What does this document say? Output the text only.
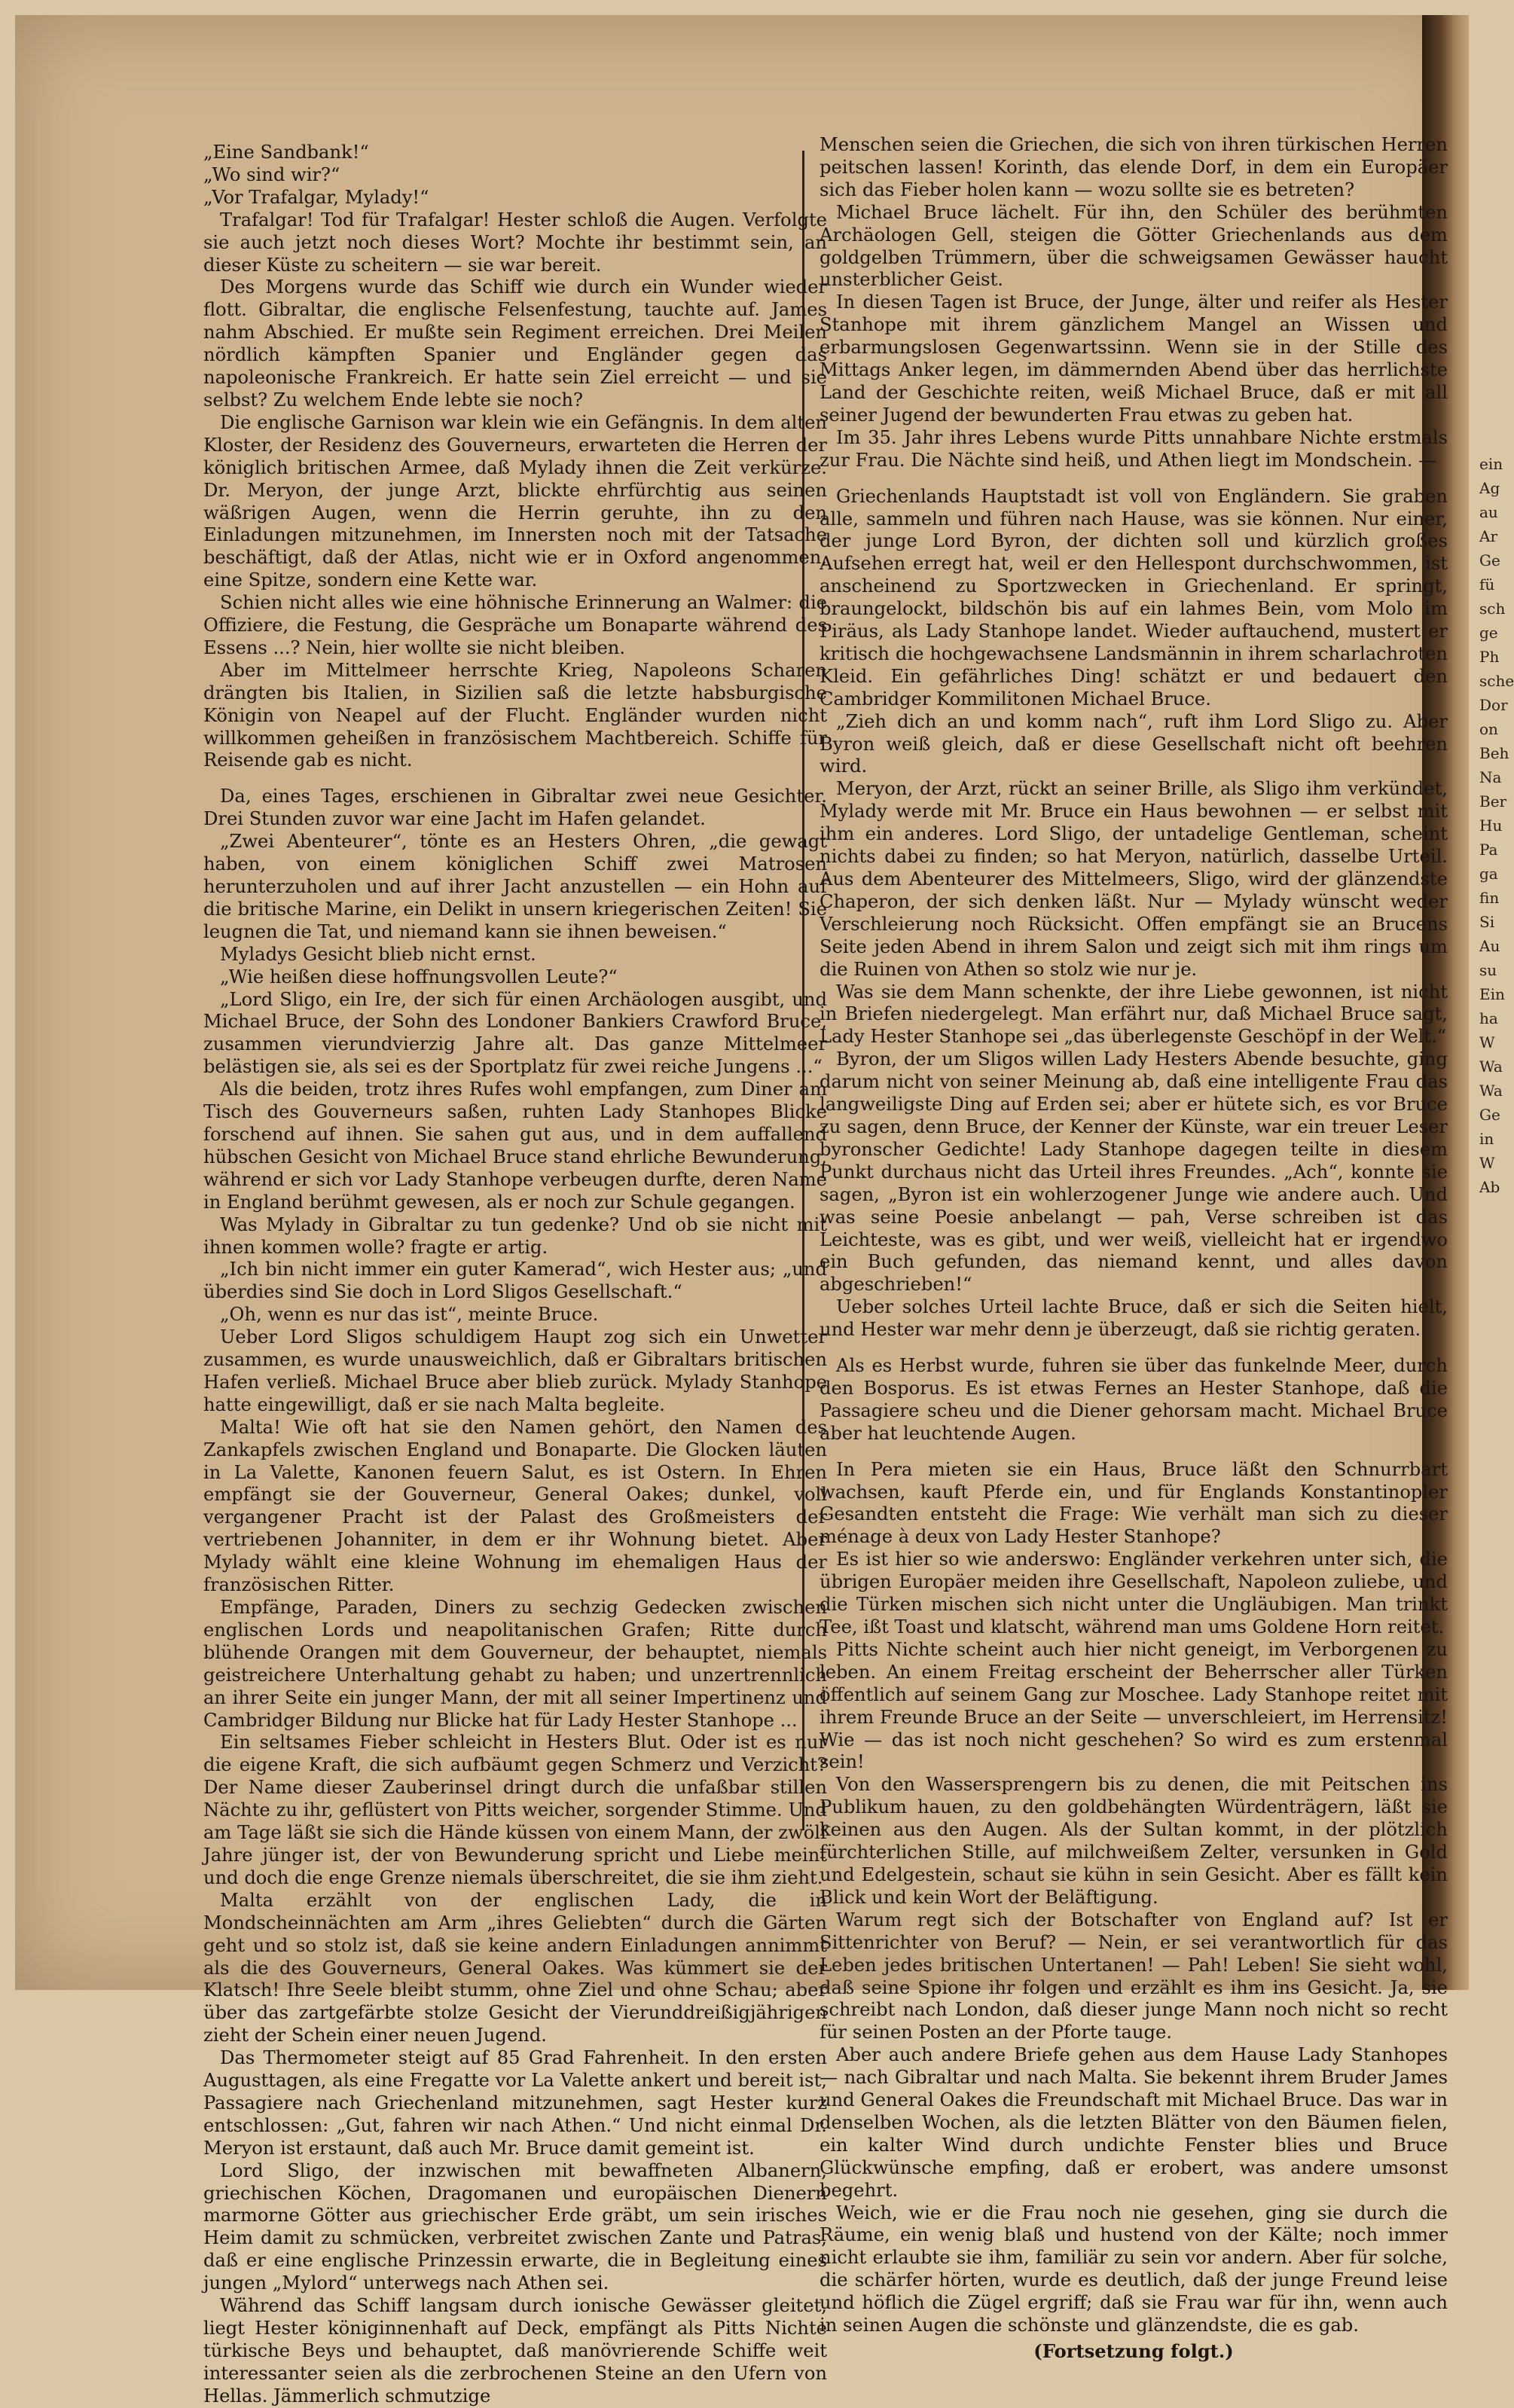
„Eine Sandbank!“

„Wo sind wir?“

„Vor Trafalgar, Mylady!“

Trafalgar! Tod für Trafalgar! Hester schloß die Augen. Verfolgte sie auch jetzt noch dieses Wort? Mochte ihr bestimmt sein, an dieser Küste zu scheitern — sie war bereit.

Des Morgens wurde das Schiff wie durch ein Wunder wieder flott. Gibraltar, die englische Felsenfestung, tauchte auf. James nahm Abschied. Er mußte sein Regiment erreichen. Drei Meilen nördlich kämpften Spanier und Engländer gegen das napoleonische Frankreich. Er hatte sein Ziel erreicht — und sie selbst? Zu welchem Ende lebte sie noch?

Die englische Garnison war klein wie ein Gefängnis. In dem alten Kloster, der Residenz des Gouverneurs, erwarteten die Herren der königlich britischen Armee, daß Mylady ihnen die Zeit verkürze. Dr. Meryon, der junge Arzt, blickte ehrfürchtig aus seinen wäßrigen Augen, wenn die Herrin geruhte, ihn zu den Einladungen mitzunehmen, im Innersten noch mit der Tatsache beschäftigt, daß der Atlas, nicht wie er in Oxford angenommen, eine Spitze, sondern eine Kette war.

Schien nicht alles wie eine höhnische Erinnerung an Walmer: die Offiziere, die Festung, die Gespräche um Bonaparte während des Essens ...? Nein, hier wollte sie nicht bleiben.

Aber im Mittelmeer herrschte Krieg, Napoleons Scharen drängten bis Italien, in Sizilien saß die letzte habsburgische Königin von Neapel auf der Flucht. Engländer wurden nicht willkommen geheißen in französischem Machtbereich. Schiffe für Reisende gab es nicht.

Da, eines Tages, erschienen in Gibraltar zwei neue Gesichter. Drei Stunden zuvor war eine Jacht im Hafen gelandet.

„Zwei Abenteurer“, tönte es an Hesters Ohren, „die gewagt haben, von einem königlichen Schiff zwei Matrosen herunterzuholen und auf ihrer Jacht anzustellen — ein Hohn auf die britische Marine, ein Delikt in unsern kriegerischen Zeiten! Sie leugnen die Tat, und niemand kann sie ihnen beweisen.“

Myladys Gesicht blieb nicht ernst.

„Wie heißen diese hoffnungsvollen Leute?“

„Lord Sligo, ein Ire, der sich für einen Archäologen ausgibt, und Michael Bruce, der Sohn des Londoner Bankiers Crawford Bruce, zusammen vierundvierzig Jahre alt. Das ganze Mittelmeer belästigen sie, als sei es der Sportplatz für zwei reiche Jungens ...“

Als die beiden, trotz ihres Rufes wohl empfangen, zum Diner am Tisch des Gouverneurs saßen, ruhten Lady Stanhopes Blicke forschend auf ihnen. Sie sahen gut aus, und in dem auffallend hübschen Gesicht von Michael Bruce stand ehrliche Bewunderung, während er sich vor Lady Stanhope verbeugen durfte, deren Name in England berühmt gewesen, als er noch zur Schule gegangen.

Was Mylady in Gibraltar zu tun gedenke? Und ob sie nicht mit ihnen kommen wolle? fragte er artig.

„Ich bin nicht immer ein guter Kamerad“, wich Hester aus; „und überdies sind Sie doch in Lord Sligos Gesellschaft.“

„Oh, wenn es nur das ist“, meinte Bruce.

Ueber Lord Sligos schuldigem Haupt zog sich ein Unwetter zusammen, es wurde unausweichlich, daß er Gibraltars britischen Hafen verließ. Michael Bruce aber blieb zurück. Mylady Stanhope hatte eingewilligt, daß er sie nach Malta begleite.

Malta! Wie oft hat sie den Namen gehört, den Namen des Zankapfels zwischen England und Bonaparte. Die Glocken läuten in La Valette, Kanonen feuern Salut, es ist Ostern. In Ehren empfängt sie der Gouverneur, General Oakes; dunkel, voll vergangener Pracht ist der Palast des Großmeisters der vertriebenen Johanniter, in dem er ihr Wohnung bietet. Aber Mylady wählt eine kleine Wohnung im ehemaligen Haus der französischen Ritter.

Empfänge, Paraden, Diners zu sechzig Gedecken zwischen englischen Lords und neapolitanischen Grafen; Ritte durch blühende Orangen mit dem Gouverneur, der behauptet, niemals geistreichere Unterhaltung gehabt zu haben; und unzertrennlich an ihrer Seite ein junger Mann, der mit all seiner Impertinenz und Cambridger Bildung nur Blicke hat für Lady Hester Stanhope ...

Ein seltsames Fieber schleicht in Hesters Blut. Oder ist es nur die eigene Kraft, die sich aufbäumt gegen Schmerz und Verzicht? Der Name dieser Zauberinsel dringt durch die unfaßbar stillen Nächte zu ihr, geflüstert von Pitts weicher, sorgender Stimme. Und am Tage läßt sie sich die Hände küssen von einem Mann, der zwölf Jahre jünger ist, der von Bewunderung spricht und Liebe meint und doch die enge Grenze niemals überschreitet, die sie ihm zieht.

Malta erzählt von der englischen Lady, die in Mondscheinnächten am Arm „ihres Geliebten“ durch die Gärten geht und so stolz ist, daß sie keine andern Einladungen annimmt als die des Gouverneurs, General Oakes. Was kümmert sie der Klatsch! Ihre Seele bleibt stumm, ohne Ziel und ohne Schau; aber über das zartgefärbte stolze Gesicht der Vierunddreißigjährigen zieht der Schein einer neuen Jugend.

Das Thermometer steigt auf 85 Grad Fahrenheit. In den ersten Augusttagen, als eine Fregatte vor La Valette ankert und bereit ist, Passagiere nach Griechenland mitzunehmen, sagt Hester kurz entschlossen: „Gut, fahren wir nach Athen.“ Und nicht einmal Dr. Meryon ist erstaunt, daß auch Mr. Bruce damit gemeint ist.

Lord Sligo, der inzwischen mit bewaffneten Albanern, griechischen Köchen, Dragomanen und europäischen Dienern marmorne Götter aus griechischer Erde gräbt, um sein irisches Heim damit zu schmücken, verbreitet zwischen Zante und Patras, daß er eine englische Prinzessin erwarte, die in Begleitung eines jungen „Mylord“ unterwegs nach Athen sei.

Während das Schiff langsam durch ionische Gewässer gleitet, liegt Hester königinnenhaft auf Deck, empfängt als Pitts Nichte türkische Beys und behauptet, daß manövrierende Schiffe weit interessanter seien als die zerbrochenen Steine an den Ufern von Hellas. Jämmerlich schmutzige

Menschen seien die Griechen, die sich von ihren türkischen Herren peitschen lassen! Korinth, das elende Dorf, in dem ein Europäer sich das Fieber holen kann — wozu sollte sie es betreten?

Michael Bruce lächelt. Für ihn, den Schüler des berühmten Archäologen Gell, steigen die Götter Griechenlands aus dem goldgelben Trümmern, über die schweigsamen Gewässer haucht unsterblicher Geist.

In diesen Tagen ist Bruce, der Junge, älter und reifer als Hester Stanhope mit ihrem gänzlichem Mangel an Wissen und erbarmungslosen Gegenwartssinn. Wenn sie in der Stille des Mittags Anker legen, im dämmernden Abend über das herrlichste Land der Geschichte reiten, weiß Michael Bruce, daß er mit all seiner Jugend der bewunderten Frau etwas zu geben hat.

Im 35. Jahr ihres Lebens wurde Pitts unnahbare Nichte erstmals zur Frau. Die Nächte sind heiß, und Athen liegt im Mondschein. —

Griechenlands Hauptstadt ist voll von Engländern. Sie graben alle, sammeln und führen nach Hause, was sie können. Nur einer, der junge Lord Byron, der dichten soll und kürzlich großes Aufsehen erregt hat, weil er den Hellespont durchschwommen, ist anscheinend zu Sportzwecken in Griechenland. Er springt, braungelockt, bildschön bis auf ein lahmes Bein, vom Molo im Piräus, als Lady Stanhope landet. Wieder auftauchend, mustert er kritisch die hochgewachsene Landsmännin in ihrem scharlachroten Kleid. Ein gefährliches Ding! schätzt er und bedauert den Cambridger Kommilitonen Michael Bruce.

„Zieh dich an und komm nach“, ruft ihm Lord Sligo zu. Aber Byron weiß gleich, daß er diese Gesellschaft nicht oft beehren wird.

Meryon, der Arzt, rückt an seiner Brille, als Sligo ihm verkündet, Mylady werde mit Mr. Bruce ein Haus bewohnen — er selbst mit ihm ein anderes. Lord Sligo, der untadelige Gentleman, scheint nichts dabei zu finden; so hat Meryon, natürlich, dasselbe Urteil. Aus dem Abenteurer des Mittelmeers, Sligo, wird der glänzendste Chaperon, der sich denken läßt. Nur — Mylady wünscht weder Verschleierung noch Rücksicht. Offen empfängt sie an Brucens Seite jeden Abend in ihrem Salon und zeigt sich mit ihm rings um die Ruinen von Athen so stolz wie nur je.

Was sie dem Mann schenkte, der ihre Liebe gewonnen, ist nicht in Briefen niedergelegt. Man erfährt nur, daß Michael Bruce sagt, Lady Hester Stanhope sei „das überlegenste Geschöpf in der Welt.“

Byron, der um Sligos willen Lady Hesters Abende besuchte, ging darum nicht von seiner Meinung ab, daß eine intelligente Frau das langweiligste Ding auf Erden sei; aber er hütete sich, es vor Bruce zu sagen, denn Bruce, der Kenner der Künste, war ein treuer Leser byronscher Gedichte! Lady Stanhope dagegen teilte in diesem Punkt durchaus nicht das Urteil ihres Freundes. „Ach“, konnte sie sagen, „Byron ist ein wohlerzogener Junge wie andere auch. Und was seine Poesie anbelangt — pah, Verse schreiben ist das Leichteste, was es gibt, und wer weiß, vielleicht hat er irgendwo ein Buch gefunden, das niemand kennt, und alles davon abgeschrieben!“

Ueber solches Urteil lachte Bruce, daß er sich die Seiten hielt, und Hester war mehr denn je überzeugt, daß sie richtig geraten.

Als es Herbst wurde, fuhren sie über das funkelnde Meer, durch den Bosporus. Es ist etwas Fernes an Hester Stanhope, daß die Passagiere scheu und die Diener gehorsam macht. Michael Bruce aber hat leuchtende Augen.

In Pera mieten sie ein Haus, Bruce läßt den Schnurrbart wachsen, kauft Pferde ein, und für Englands Konstantinopler Gesandten entsteht die Frage: Wie verhält man sich zu dieser ménage à deux von Lady Hester Stanhope?

Es ist hier so wie anderswo: Engländer verkehren unter sich, die übrigen Europäer meiden ihre Gesellschaft, Napoleon zuliebe, und die Türken mischen sich nicht unter die Ungläubigen. Man trinkt Tee, ißt Toast und klatscht, während man ums Goldene Horn reitet.

Pitts Nichte scheint auch hier nicht geneigt, im Verborgenen zu leben. An einem Freitag erscheint der Beherrscher aller Türken öffentlich auf seinem Gang zur Moschee. Lady Stanhope reitet mit ihrem Freunde Bruce an der Seite — unverschleiert, im Herrensitz! Wie — das ist noch nicht geschehen? So wird es zum erstenmal sein!

Von den Wassersprengern bis zu denen, die mit Peitschen ins Publikum hauen, zu den goldbehängten Würdenträgern, läßt sie keinen aus den Augen. Als der Sultan kommt, in der plötzlich fürchterlichen Stille, auf milchweißem Zelter, versunken in Gold und Edelgestein, schaut sie kühn in sein Gesicht. Aber es fällt kein Blick und kein Wort der Beläftigung.

Warum regt sich der Botschafter von England auf? Ist er Sittenrichter von Beruf? — Nein, er sei verantwortlich für das Leben jedes britischen Untertanen! — Pah! Leben! Sie sieht wohl, daß seine Spione ihr folgen und erzählt es ihm ins Gesicht. Ja, sie schreibt nach London, daß dieser junge Mann noch nicht so recht für seinen Posten an der Pforte tauge.

Aber auch andere Briefe gehen aus dem Hause Lady Stanhopes — nach Gibraltar und nach Malta. Sie bekennt ihrem Bruder James und General Oakes die Freundschaft mit Michael Bruce. Das war in denselben Wochen, als die letzten Blätter von den Bäumen fielen, ein kalter Wind durch undichte Fenster blies und Bruce Glückwünsche empfing, daß er erobert, was andere umsonst begehrt.

Weich, wie er die Frau noch nie gesehen, ging sie durch die Räume, ein wenig blaß und hustend von der Kälte; noch immer nicht erlaubte sie ihm, familiär zu sein vor andern. Aber für solche, die schärfer hörten, wurde es deutlich, daß der junge Freund leise und höflich die Zügel ergriff; daß sie Frau war für ihn, wenn auch in seinen Augen die schönste und glänzendste, die es gab.

(Fortsetzung folgt.)

ein
Ag
au
Ar
Ge
fü
sch
ge
Ph
sche
Dor
on
Beh
Na
Ber
Hu
Pa
ga
fin
Si
Au
su
Ein
ha
W
Wa
Wa
Ge
in
W
Ab
